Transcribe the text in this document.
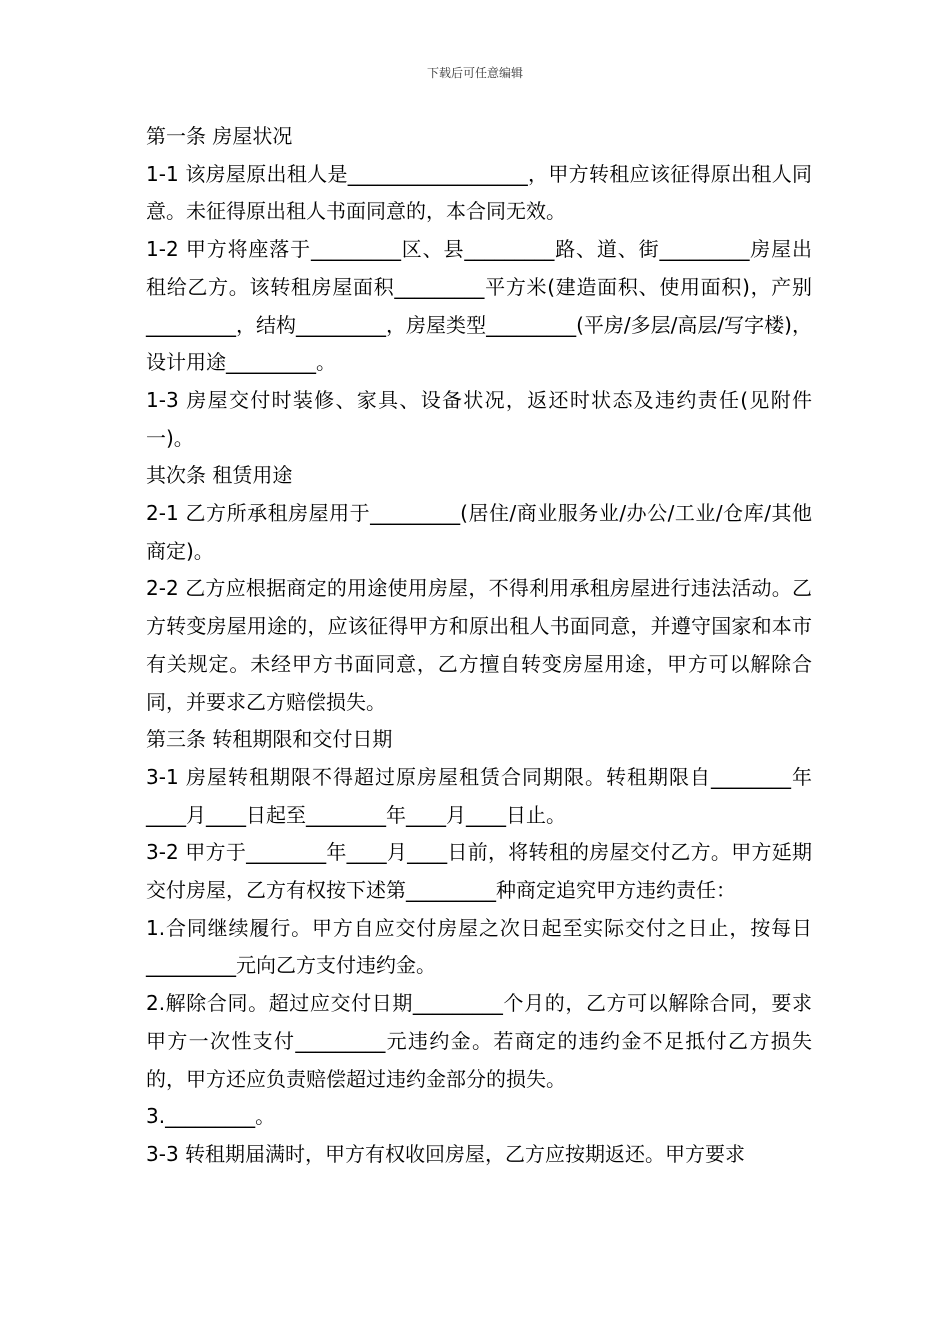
下载后可任意编辑

第一条 房屋状况

1-1 该房屋原出租人是__________________，甲方转租应该征得原出租人同意。未征得原出租人书面同意的，本合同无效。

1-2 甲方将座落于_________区、县_________路、道、街_________房屋出租给乙方。该转租房屋面积_________平方米(建造面积、使用面积)，产别_________，结构_________，房屋类型_________(平房/多层/高层/写字楼)，设计用途_________。

1-3 房屋交付时装修、家具、设备状况，返还时状态及违约责任(见附件一)。

其次条 租赁用途

2-1 乙方所承租房屋用于_________(居住/商业服务业/办公/工业/仓库/其他商定)。

2-2 乙方应根据商定的用途使用房屋，不得利用承租房屋进行违法活动。乙方转变房屋用途的，应该征得甲方和原出租人书面同意，并遵守国家和本市有关规定。未经甲方书面同意，乙方擅自转变房屋用途，甲方可以解除合同，并要求乙方赔偿损失。

第三条 转租期限和交付日期

3-1 房屋转租期限不得超过原房屋租赁合同期限。转租期限自________年____月____日起至________年____月____日止。

3-2 甲方于________年____月____日前，将转租的房屋交付乙方。甲方延期交付房屋，乙方有权按下述第_________种商定追究甲方违约责任：

1.合同继续履行。甲方自应交付房屋之次日起至实际交付之日止，按每日_________元向乙方支付违约金。

2.解除合同。超过应交付日期_________个月的，乙方可以解除合同，要求甲方一次性支付_________元违约金。若商定的违约金不足抵付乙方损失的，甲方还应负责赔偿超过违约金部分的损失。

3._________。

3-3 转租期届满时，甲方有权收回房屋，乙方应按期返还。甲方要求
